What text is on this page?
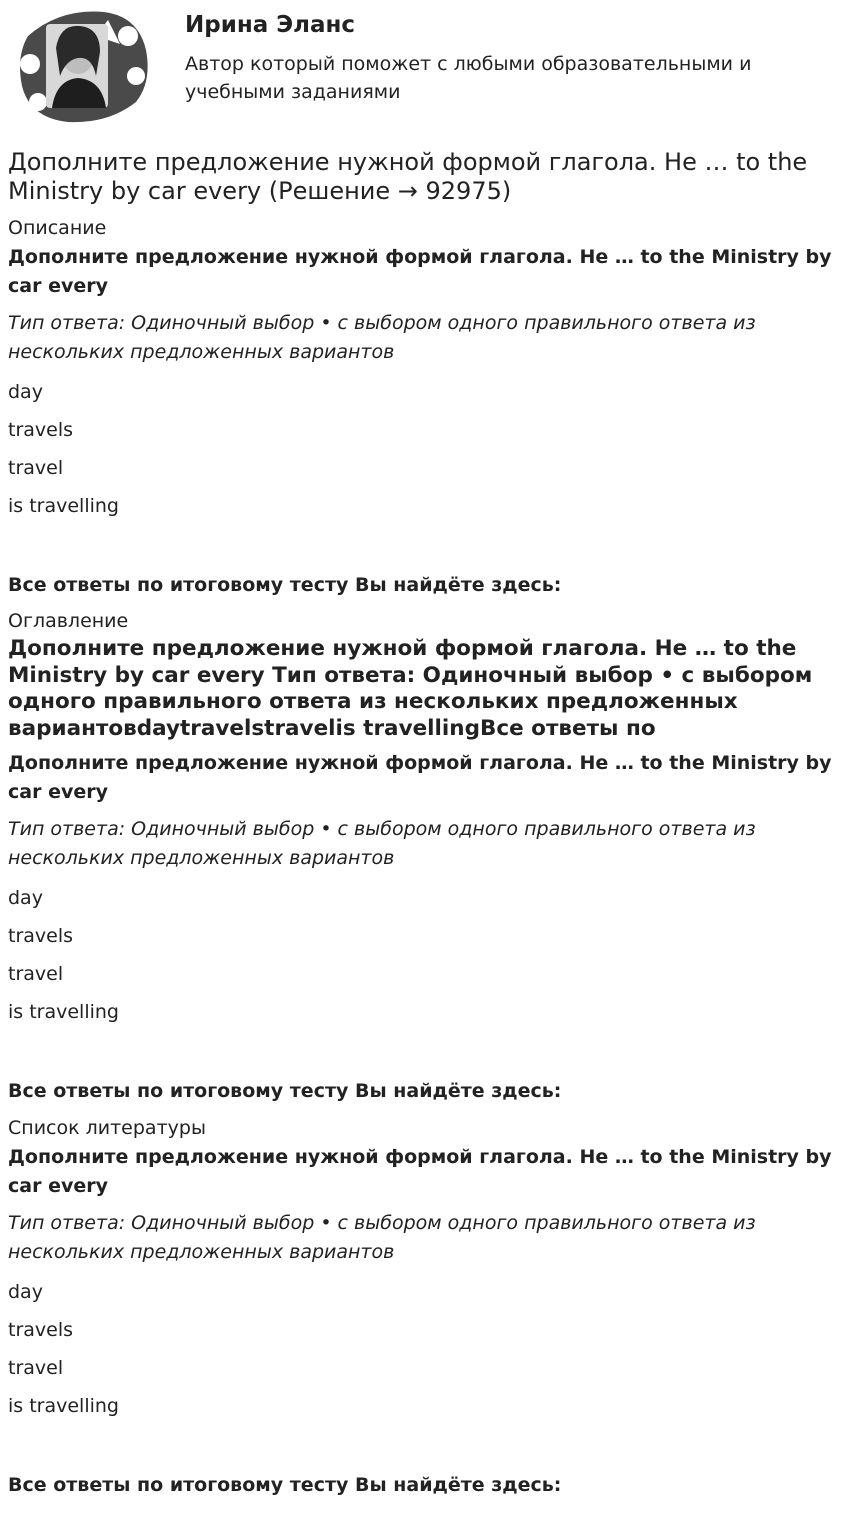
Ирина Эланс
Автор который поможет с любыми образовательными и учебными заданиями
Дополните предложение нужной формой глагола. He … to the Ministry by car every (Решение → 92975)
Описание
Дополните предложение нужной формой глагола. He … to the Ministry by car every
Тип ответа: Одиночный выбор • с выбором одного правильного ответа из нескольких предложенных вариантов
day
travels
travel
is travelling
Все ответы по итоговому тесту Вы найдёте здесь:
Оглавление
Дополните предложение нужной формой глагола. He … to the Ministry by car every Тип ответа: Одиночный выбор • с выбором одного правильного ответа из нескольких предложенных вариантовdaytravelstravelis travellingВсе ответы по
Дополните предложение нужной формой глагола. He … to the Ministry by car every
Тип ответа: Одиночный выбор • с выбором одного правильного ответа из нескольких предложенных вариантов
day
travels
travel
is travelling
Все ответы по итоговому тесту Вы найдёте здесь:
Список литературы
Дополните предложение нужной формой глагола. He … to the Ministry by car every
Тип ответа: Одиночный выбор • с выбором одного правильного ответа из нескольких предложенных вариантов
day
travels
travel
is travelling
Все ответы по итоговому тесту Вы найдёте здесь:
